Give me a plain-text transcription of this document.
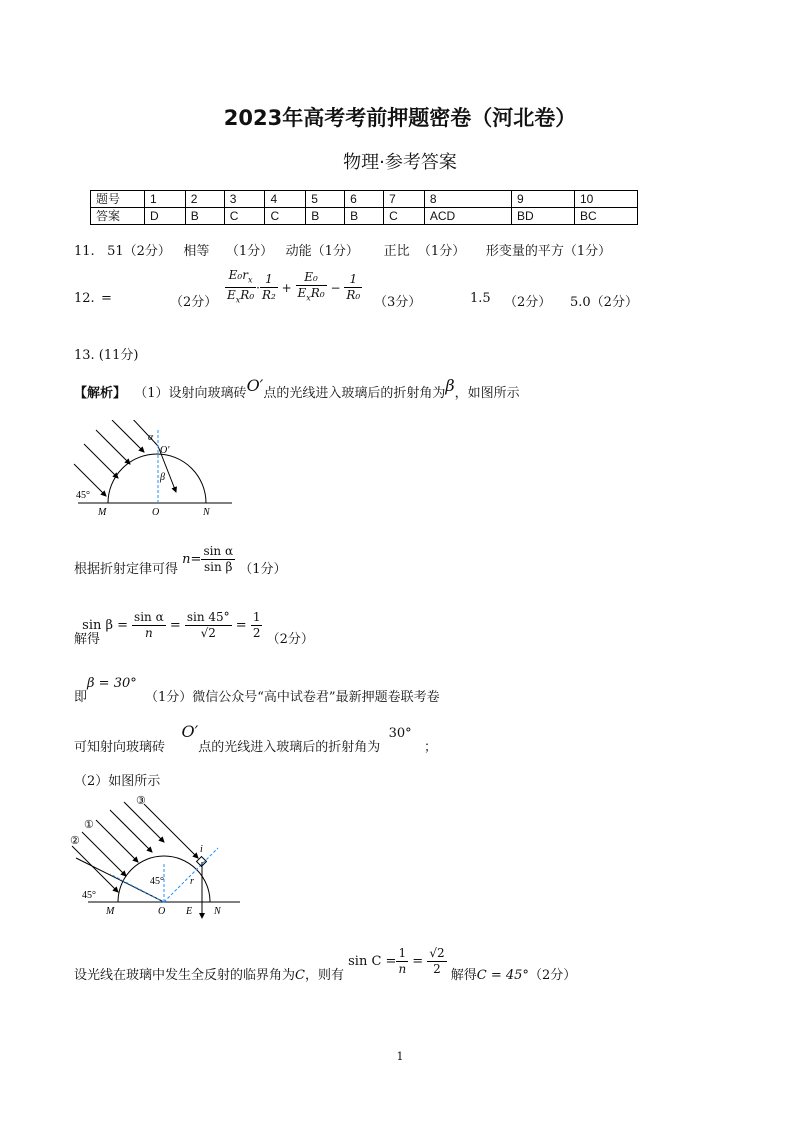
2023年高考考前押题密卷（河北卷）
物理·参考答案
题号	1	2	3	4	5	6	7	8	9	10
答案	D	B	C	C	B	B	C	ACD	BD	BC
11. 51（2分） 相等 （1分） 动能（1分） 正比 （1分） 形变量的平方（1分）
12. =	（2分） $\frac{E_0r_x}{E_xR_0} \cdot \frac{1}{\text{R₂}} + \frac{\text{E₀}}{E_xR_0} - \frac{1}{\text{R₀}} (3$分）	1.5 （2分） 5.0（2分）
13. (11分)
【解析】 （1）设射向玻璃砖O′点的光线进入玻璃后的折射角为β，如图所示
α
O′
β
45°
M	O	N
根据折射定律可得 $n= \frac{\text{sin α}}{\text{sin β}} (1$分）
解得 $\sin \beta = \frac{\text{sin α}}{n} = \frac{\sin 45^\circ}{√2} = \frac{1}{2} (2$分）
即β = 30°  （1分）微信公众号“高中试卷君”最新押题卷联考卷
可知射向玻璃砖    O′点的光线进入玻璃后的折射角为  30°   ；
（2）如图所示
③
①
②
i
45°
45°
r
M	O E N
设光线在玻璃中发生全反射的临界角为C，则有 $\sin C = \frac{1}{n} = \frac{√2}{2}$ 解得C = 45°（2分）
1
